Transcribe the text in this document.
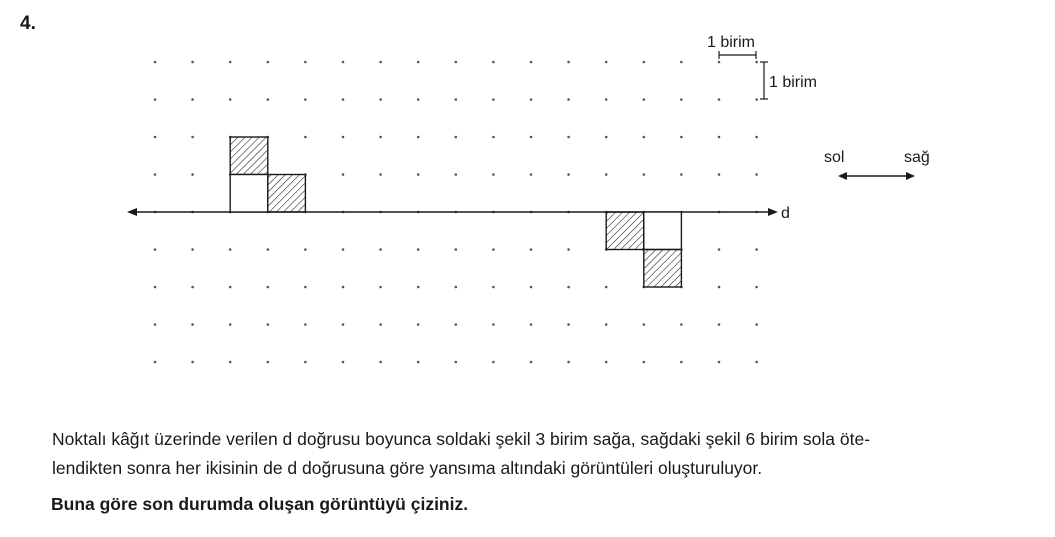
4.
d
1 birim
1 birim
sol	sağ

Noktalı kâğıt üzerinde verilen d doğrusu boyunca soldaki şekil 3 birim sağa, sağdaki şekil 6 birim sola öte-
lendikten sonra her ikisinin de d doğrusuna göre yansıma altındaki görüntüleri oluşturuluyor.

Buna göre son durumda oluşan görüntüyü çiziniz.
